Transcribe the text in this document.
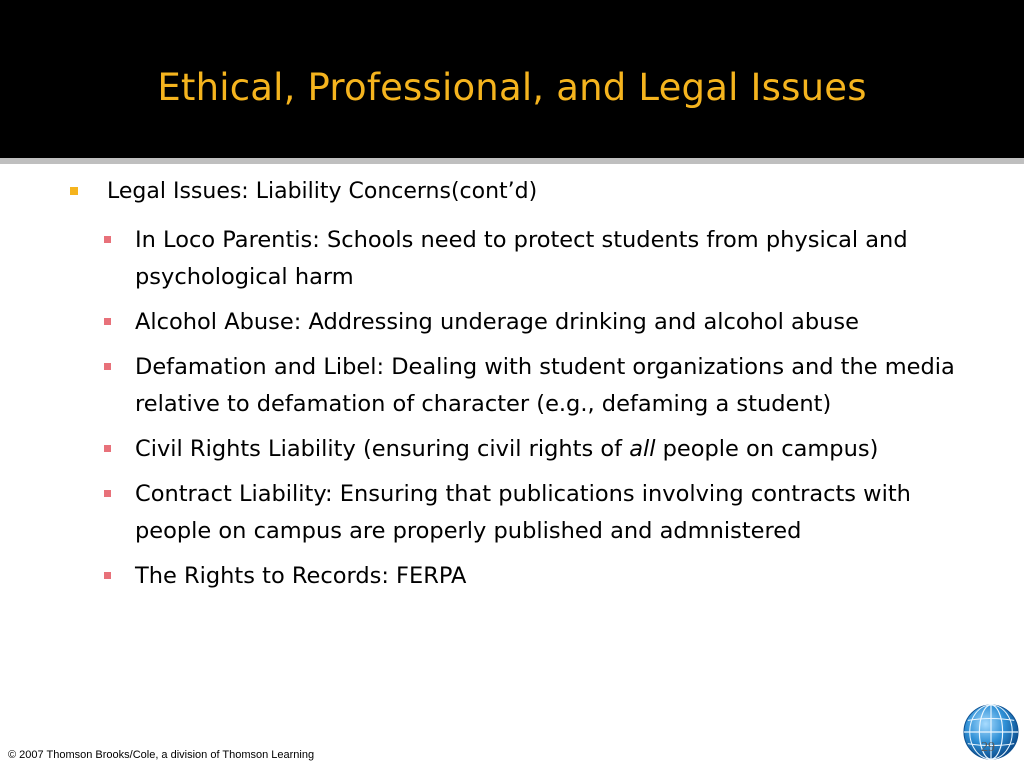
Ethical, Professional, and Legal Issues
Legal Issues: Liability Concerns(cont’d)
In Loco Parentis: Schools need to protect students from physical and psychological harm
Alcohol Abuse: Addressing underage drinking and alcohol abuse
Defamation and Libel: Dealing with student organizations and the media relative to defamation of character (e.g., defaming a student)
Civil Rights Liability (ensuring civil rights of all people on campus)
Contract Liability: Ensuring that publications involving contracts with people on campus are properly published and admnistered
The Rights to Records: FERPA
© 2007 Thomson Brooks/Cole, a division of Thomson Learning	29
